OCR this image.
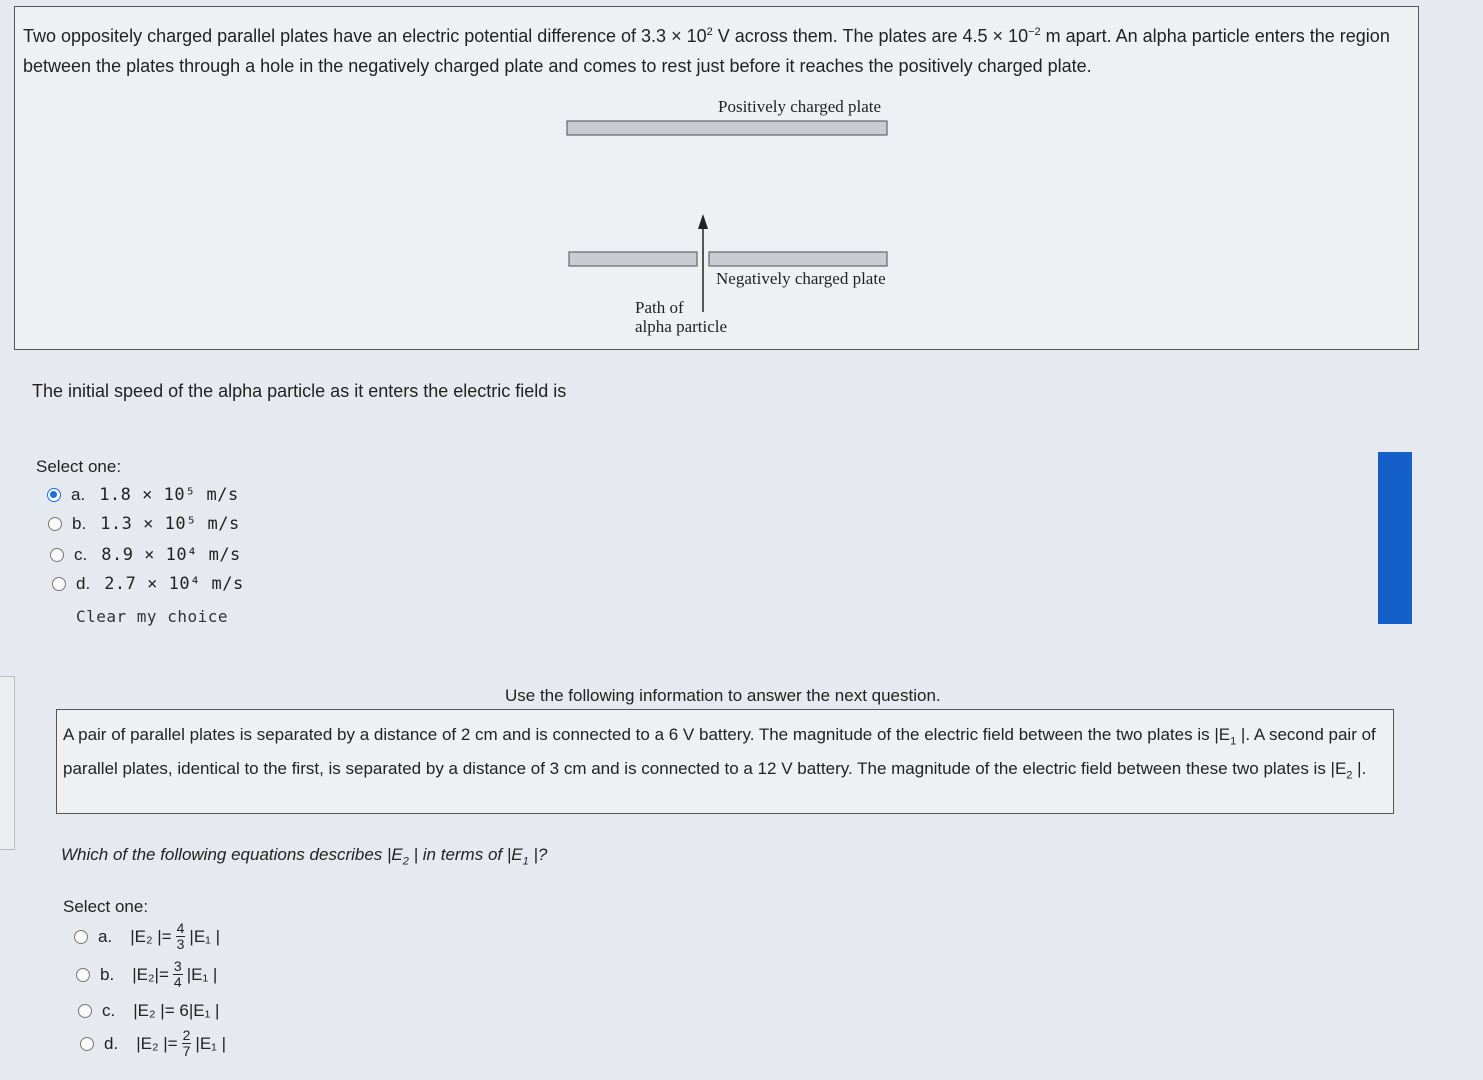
Two oppositely charged parallel plates have an electric potential difference of $3.3 \times 10^2$ V across them. The plates are $4.5 \times 10^{-2}$ m apart. An alpha particle enters the region between the plates through a hole in the negatively charged plate and comes to rest just before it reaches the positively charged plate.
Positively charged plate
Negatively charged plate
Path of
alpha particle
The initial speed of the alpha particle as it enters the electric field is
Select one:
a. 1.8 × 10⁵ m/s
b. 1.3 × 10⁵ m/s
c. 8.9 × 10⁴ m/s
d. 2.7 × 10⁴ m/s
Clear my choice
Use the following information to answer the next question.
A pair of parallel plates is separated by a distance of 2 cm and is connected to a 6 V battery. The magnitude of the electric field between the two plates is $|E_1$ |. A second pair of parallel plates, identical to the first, is separated by a distance of 3 cm and is connected to a 12 V battery. The magnitude of the electric field between these two plates is $|E_2$ |.
Which of the following equations describes $|E_2$ | in terms of $|E_1$ |?
Select one:
a. |E₂ |= $\frac{4}{3} |E_1$ |
b. $|E_2|= \frac{3}{4} |E_1$ |
c. |E₂ |= 6|E₁ |
d. |E₂ |= $\frac{2}{7} |E_1$ |
